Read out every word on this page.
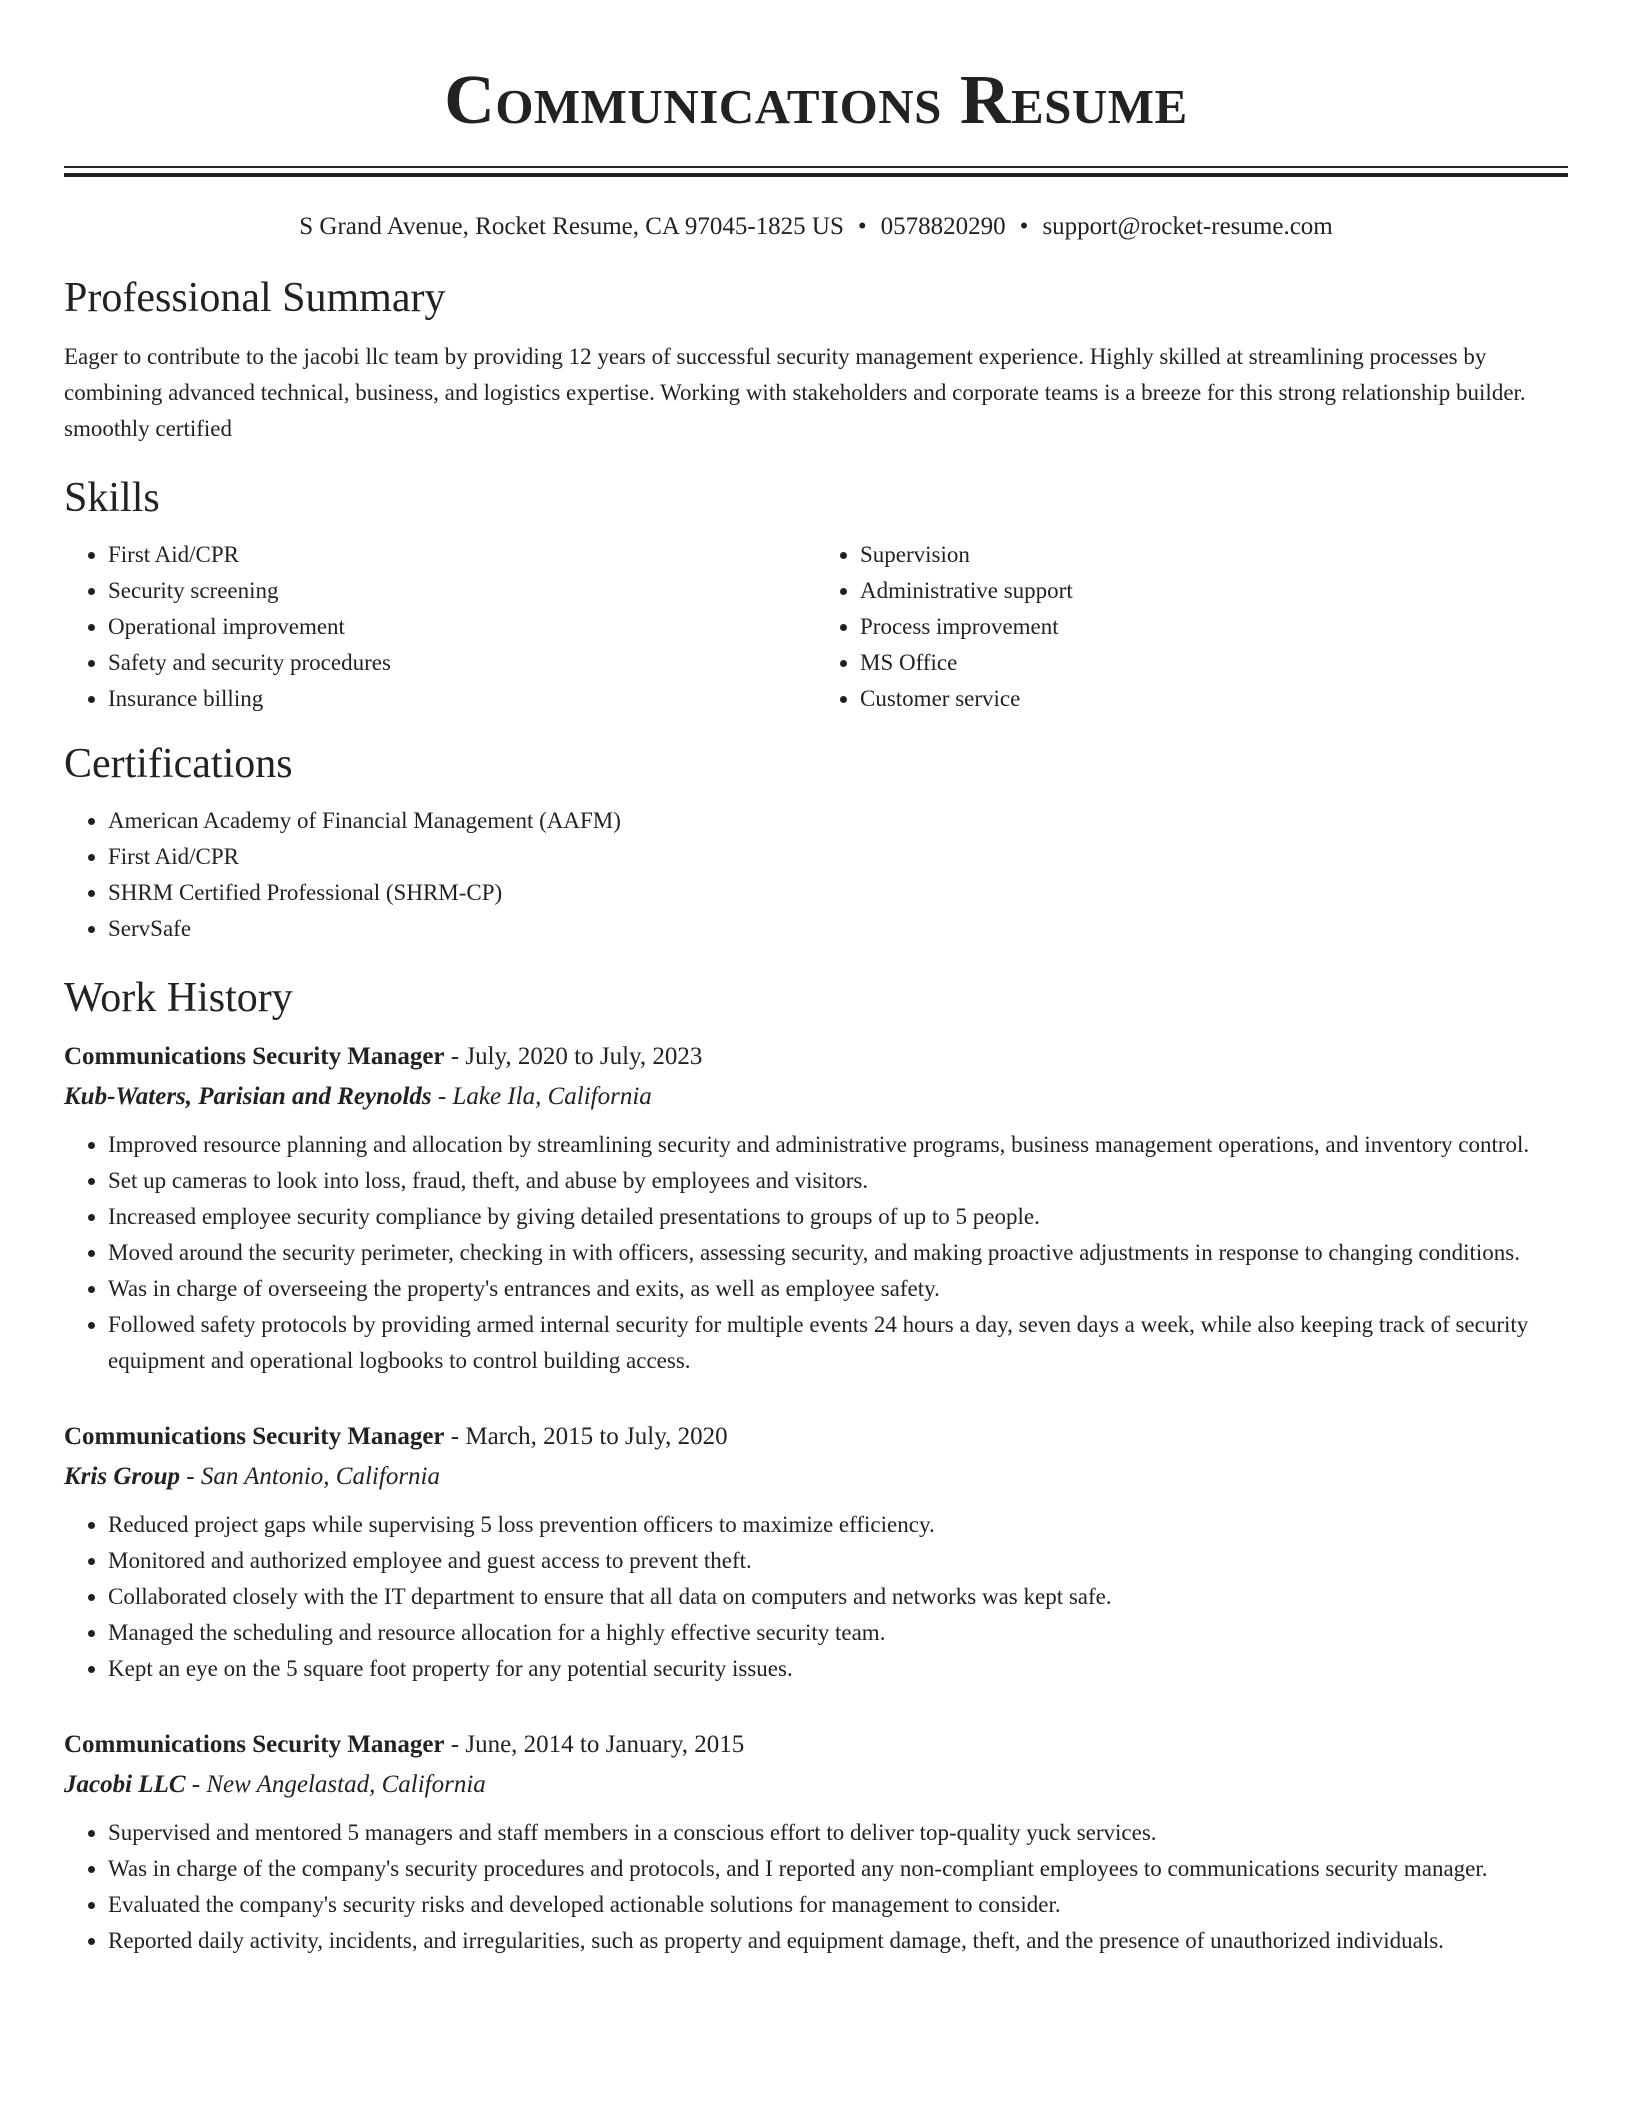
Communications Resume
S Grand Avenue, Rocket Resume, CA 97045-1825 US • 0578820290 • support@rocket-resume.com
Professional Summary
Eager to contribute to the jacobi llc team by providing 12 years of successful security management experience. Highly skilled at streamlining processes by combining advanced technical, business, and logistics expertise. Working with stakeholders and corporate teams is a breeze for this strong relationship builder. smoothly certified
Skills
• First Aid/CPR
• Security screening
• Operational improvement
• Safety and security procedures
• Insurance billing
• Supervision
• Administrative support
• Process improvement
• MS Office
• Customer service
Certifications
• American Academy of Financial Management (AAFM)
• First Aid/CPR
• SHRM Certified Professional (SHRM-CP)
• ServSafe
Work History
Communications Security Manager - July, 2020 to July, 2023
Kub-Waters, Parisian and Reynolds - Lake Ila, California
• Improved resource planning and allocation by streamlining security and administrative programs, business management operations, and inventory control.
• Set up cameras to look into loss, fraud, theft, and abuse by employees and visitors.
• Increased employee security compliance by giving detailed presentations to groups of up to 5 people.
• Moved around the security perimeter, checking in with officers, assessing security, and making proactive adjustments in response to changing conditions.
• Was in charge of overseeing the property's entrances and exits, as well as employee safety.
• Followed safety protocols by providing armed internal security for multiple events 24 hours a day, seven days a week, while also keeping track of security equipment and operational logbooks to control building access.
Communications Security Manager - March, 2015 to July, 2020
Kris Group - San Antonio, California
• Reduced project gaps while supervising 5 loss prevention officers to maximize efficiency.
• Monitored and authorized employee and guest access to prevent theft.
• Collaborated closely with the IT department to ensure that all data on computers and networks was kept safe.
• Managed the scheduling and resource allocation for a highly effective security team.
• Kept an eye on the 5 square foot property for any potential security issues.
Communications Security Manager - June, 2014 to January, 2015
Jacobi LLC - New Angelastad, California
• Supervised and mentored 5 managers and staff members in a conscious effort to deliver top-quality yuck services.
• Was in charge of the company's security procedures and protocols, and I reported any non-compliant employees to communications security manager.
• Evaluated the company's security risks and developed actionable solutions for management to consider.
• Reported daily activity, incidents, and irregularities, such as property and equipment damage, theft, and the presence of unauthorized individuals.
